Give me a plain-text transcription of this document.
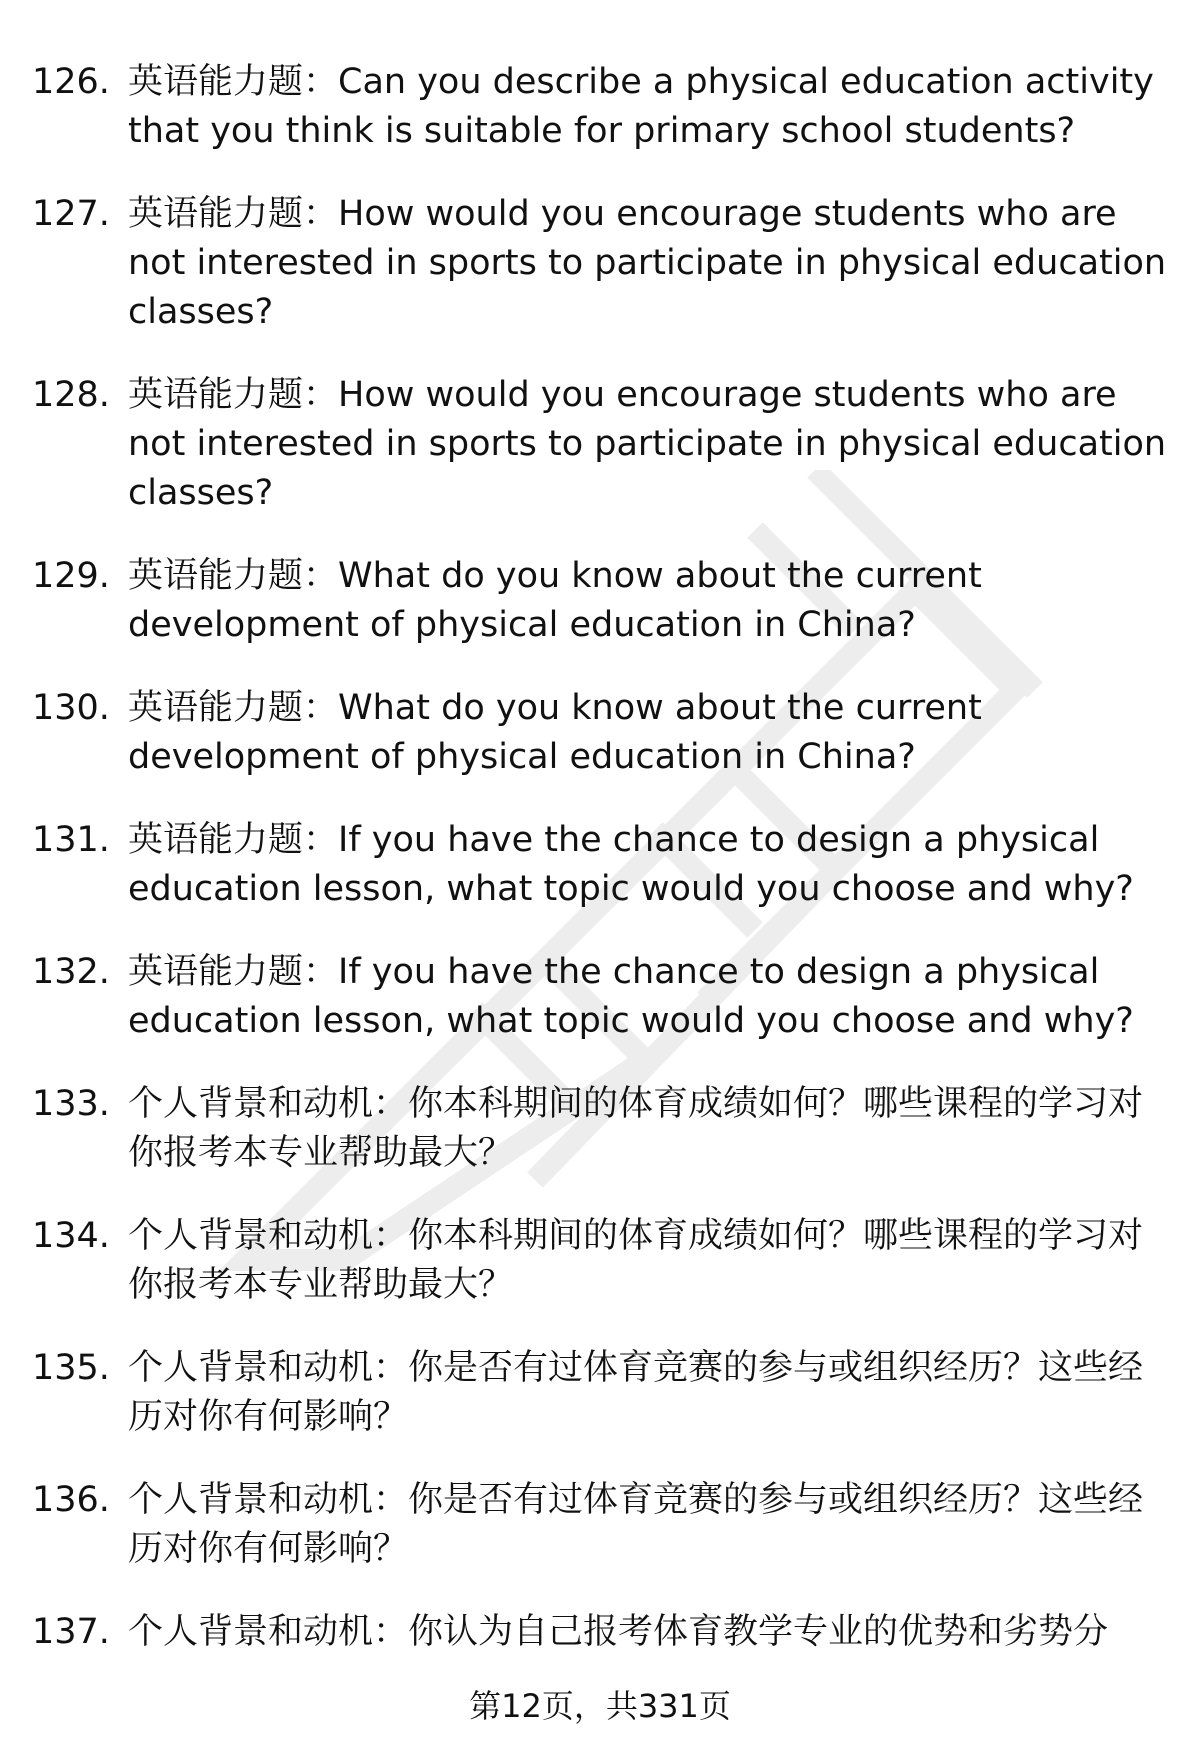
126. 英语能力题：Can you describe a physical education activity that you think is suitable for primary school students?
127. 英语能力题：How would you encourage students who are not interested in sports to participate in physical education classes?
128. 英语能力题：How would you encourage students who are not interested in sports to participate in physical education classes?
129. 英语能力题：What do you know about the current development of physical education in China?
130. 英语能力题：What do you know about the current development of physical education in China?
131. 英语能力题：If you have the chance to design a physical education lesson, what topic would you choose and why?
132. 英语能力题：If you have the chance to design a physical education lesson, what topic would you choose and why?
133. 个人背景和动机：你本科期间的体育成绩如何？哪些课程的学习对你报考本专业帮助最大？
134. 个人背景和动机：你本科期间的体育成绩如何？哪些课程的学习对你报考本专业帮助最大？
135. 个人背景和动机：你是否有过体育竞赛的参与或组织经历？这些经历对你有何影响？
136. 个人背景和动机：你是否有过体育竞赛的参与或组织经历？这些经历对你有何影响？
137. 个人背景和动机：你认为自己报考体育教学专业的优势和劣势分
第12页，共331页
